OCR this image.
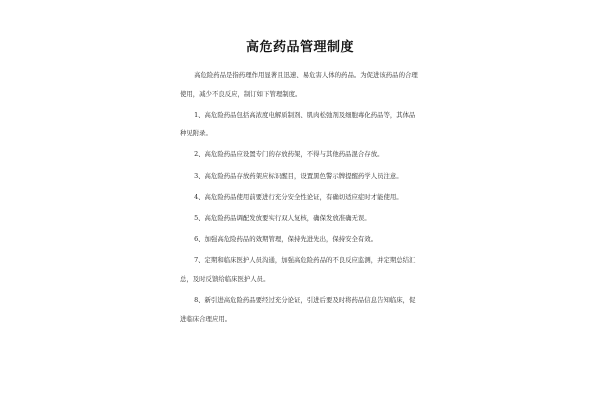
高危药品管理制度

高危险药品是指药理作用显著且迅速、易危害人体的药品。为促进该药品的合理使用，减少不良反应，制订如下管理制度。

1、高危险药品包括高浓度电解质制剂、肌肉松弛剂及细胞毒化药品等，其体品种见附录。

2、高危险药品应设置专门的存放药架，不得与其他药品混合存放。

3、高危险药品存放药架应标识醒目，设置黑色警示牌提醒药学人员注意。

4、高危险药品使用前要进行充分安全性论证，有确切适应症时才能使用。

5、高危险药品调配发放要实行双人复核，确保发放准确无误。

6、加强高危险药品的效期管理，保持先进先出，保持安全有效。

7、定期和临床医护人员沟通，加强高危险药品的不良反应监测，并定期总结汇总，及时反馈给临床医护人员。

8、新引进高危险药品要经过充分论证，引进后要及时将药品信息告知临床，促进临床合理应用。
